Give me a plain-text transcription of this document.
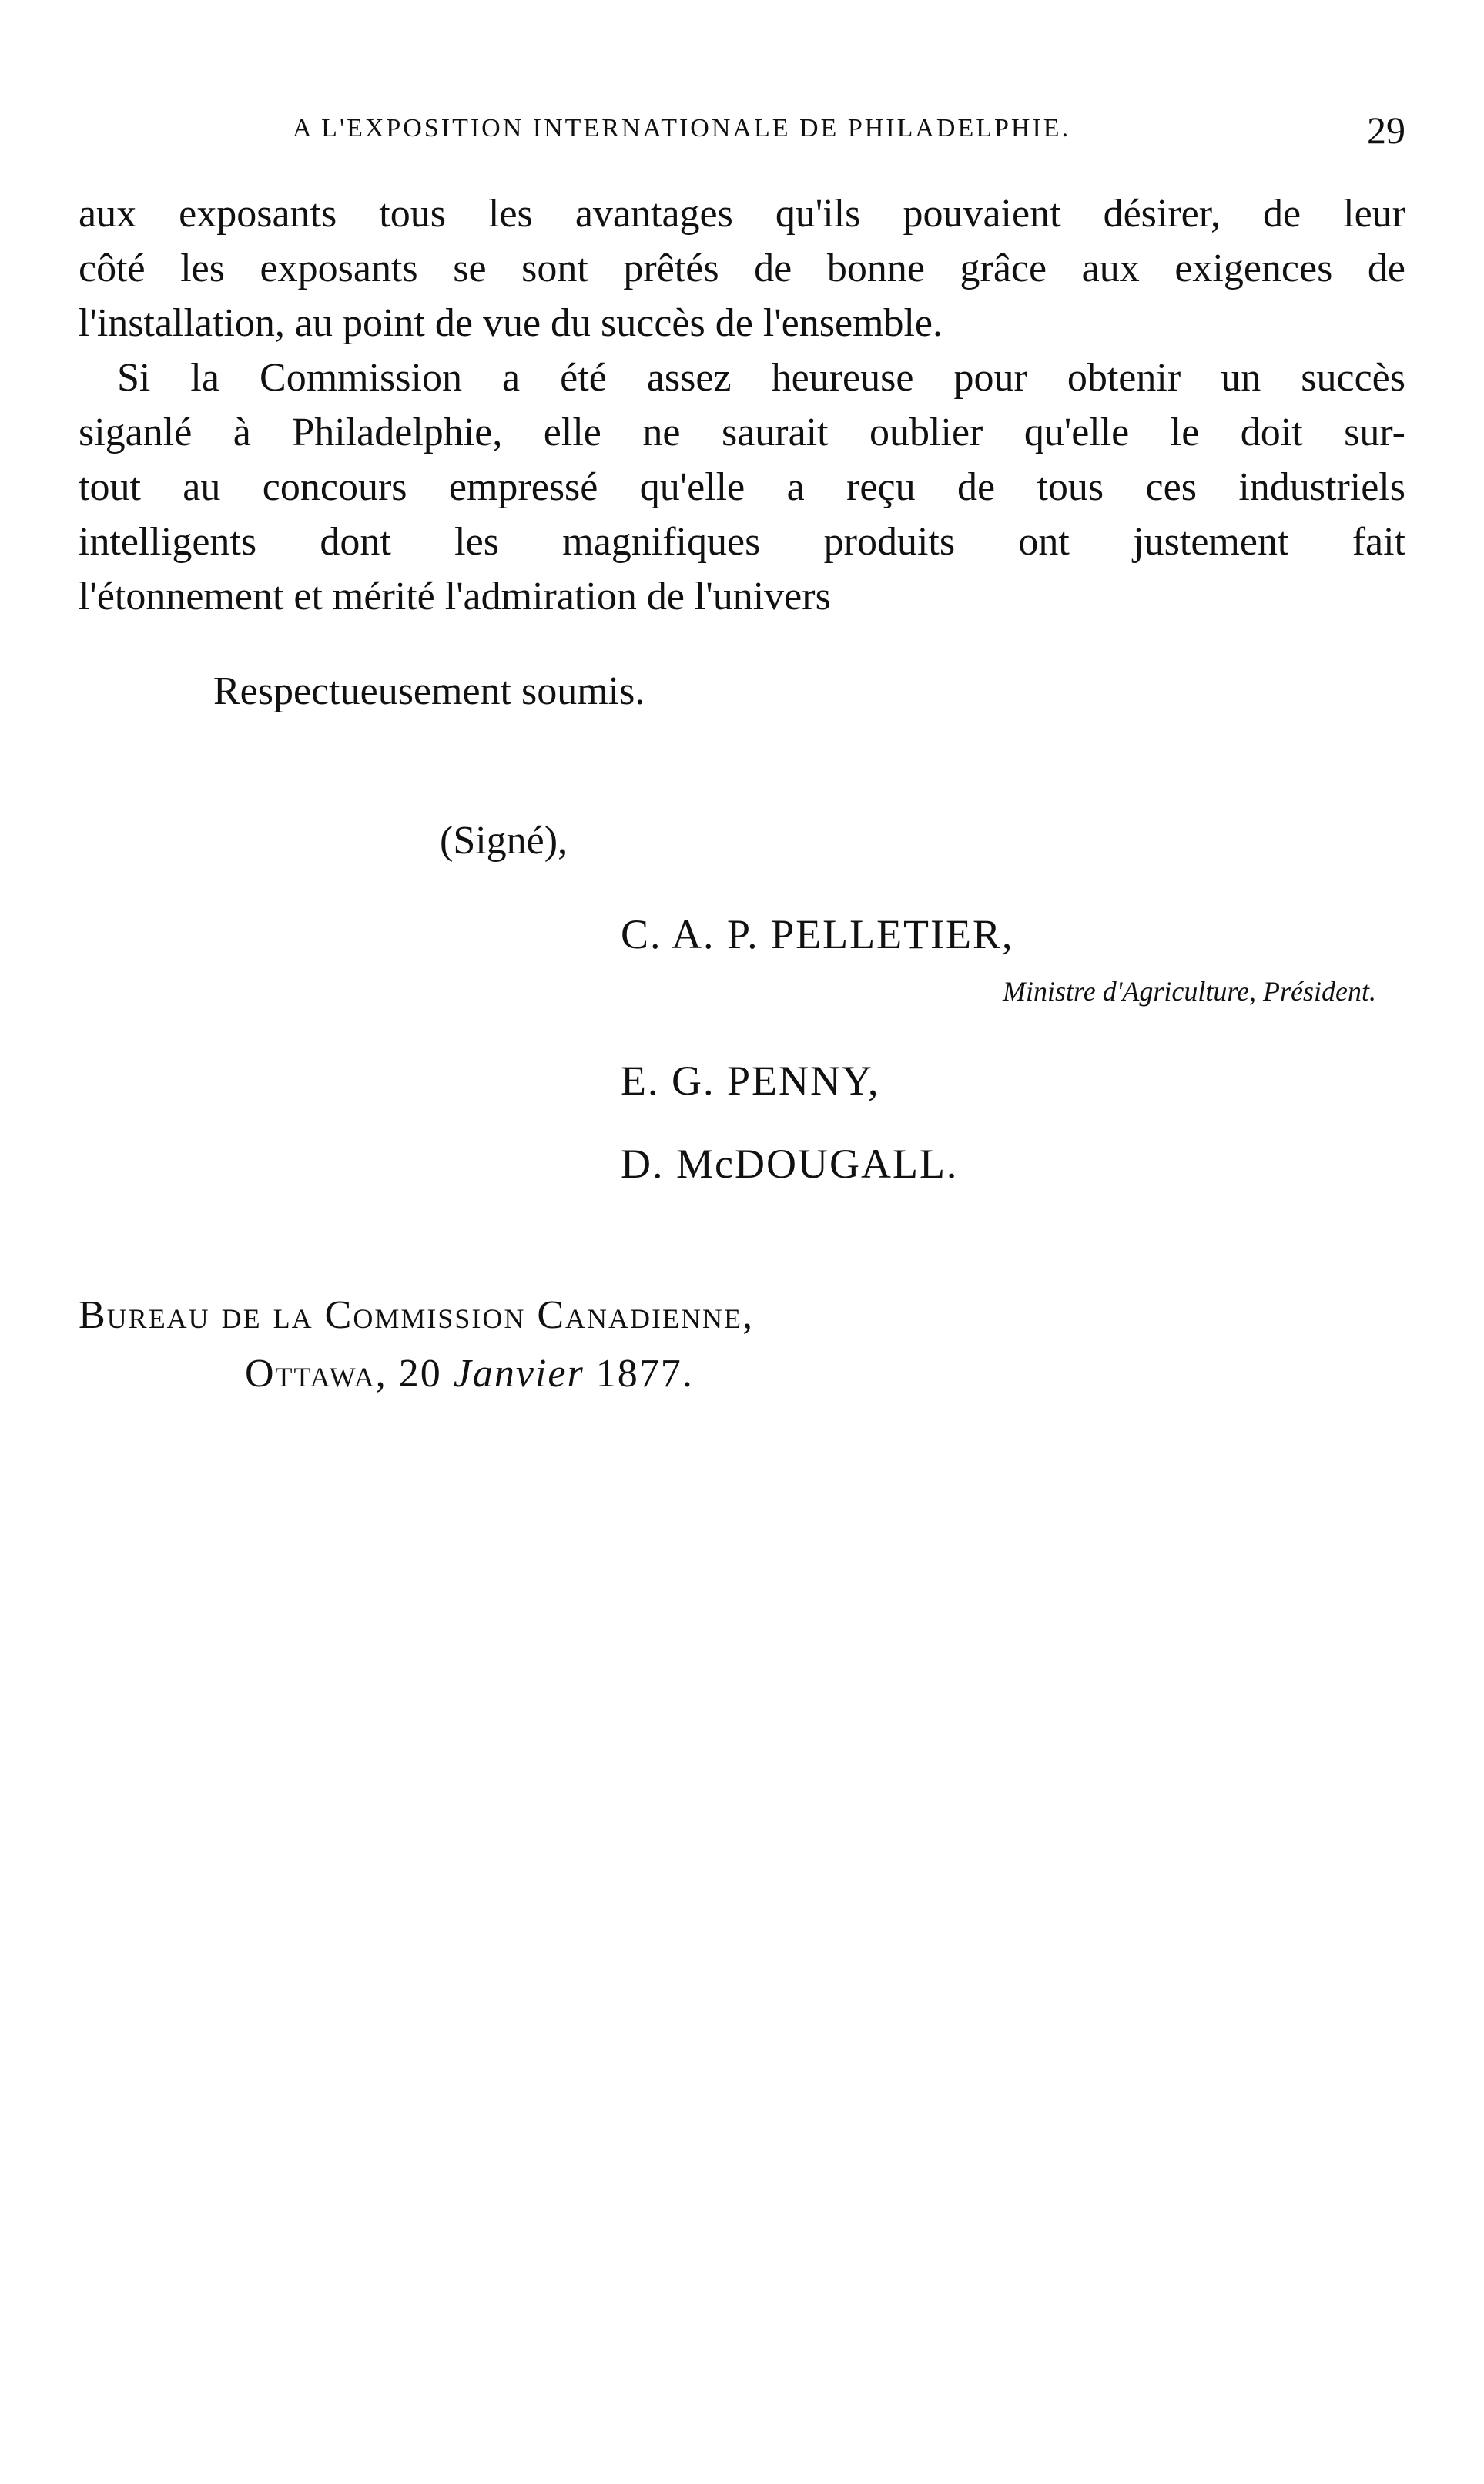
A L'EXPOSITION INTERNATIONALE DE PHILADELPHIE.	29
aux exposants tous les avantages qu'ils pouvaient désirer, de leur
côté les exposants se sont prêtés de bonne grâce aux exigences de
l'installation, au point de vue du succès de l'ensemble.
Si la Commission a été assez heureuse pour obtenir un succès
siganlé à Philadelphie, elle ne saurait oublier qu'elle le doit sur-
tout au concours empressé qu'elle a reçu de tous ces industriels
intelligents dont les magnifiques produits ont justement fait
l'étonnement et mérité l'admiration de l'univers
Respectueusement soumis.
(Signé),
C. A. P. PELLETIER,
Ministre d'Agriculture, Président.
E. G. PENNY,
D. McDOUGALL.
Bureau de la Commission Canadienne,
Ottawa, 20 Janvier 1877.
